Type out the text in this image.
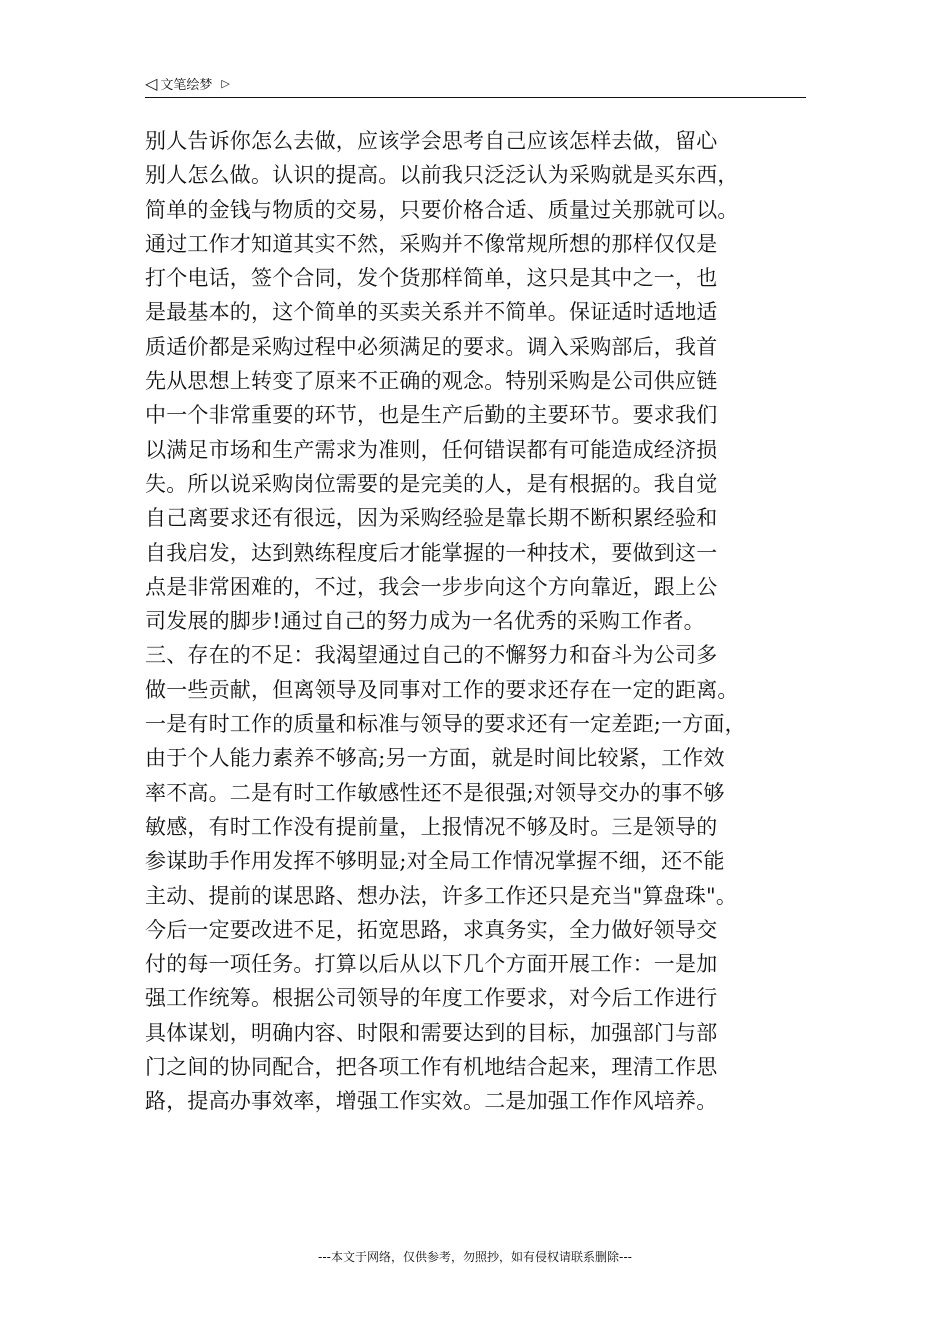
◁ 文笔绘梦 ▷
别人告诉你怎么去做，应该学会思考自己应该怎样去做，留心
别人怎么做。认识的提高。以前我只泛泛认为采购就是买东西，
简单的金钱与物质的交易，只要价格合适、质量过关那就可以。
通过工作才知道其实不然，采购并不像常规所想的那样仅仅是
打个电话，签个合同，发个货那样简单，这只是其中之一，也
是最基本的，这个简单的买卖关系并不简单。保证适时适地适
质适价都是采购过程中必须满足的要求。调入采购部后，我首
先从思想上转变了原来不正确的观念。特别采购是公司供应链
中一个非常重要的环节，也是生产后勤的主要环节。要求我们
以满足市场和生产需求为准则，任何错误都有可能造成经济损
失。所以说采购岗位需要的是完美的人，是有根据的。我自觉
自己离要求还有很远，因为采购经验是靠长期不断积累经验和
自我启发，达到熟练程度后才能掌握的一种技术，要做到这一
点是非常困难的，不过，我会一步步向这个方向靠近，跟上公
司发展的脚步!通过自己的努力成为一名优秀的采购工作者。
三、存在的不足：我渴望通过自己的不懈努力和奋斗为公司多
做一些贡献，但离领导及同事对工作的要求还存在一定的距离。
一是有时工作的质量和标准与领导的要求还有一定差距;一方面，
由于个人能力素养不够高;另一方面，就是时间比较紧，工作效
率不高。二是有时工作敏感性还不是很强;对领导交办的事不够
敏感，有时工作没有提前量，上报情况不够及时。三是领导的
参谋助手作用发挥不够明显;对全局工作情况掌握不细，还不能
主动、提前的谋思路、想办法，许多工作还只是充当"算盘珠"。
今后一定要改进不足，拓宽思路，求真务实，全力做好领导交
付的每一项任务。打算以后从以下几个方面开展工作：一是加
强工作统筹。根据公司领导的年度工作要求，对今后工作进行
具体谋划，明确内容、时限和需要达到的目标，加强部门与部
门之间的协同配合，把各项工作有机地结合起来，理清工作思
路，提高办事效率，增强工作实效。二是加强工作作风培养。
---本文于网络，仅供参考，勿照抄，如有侵权请联系删除---
